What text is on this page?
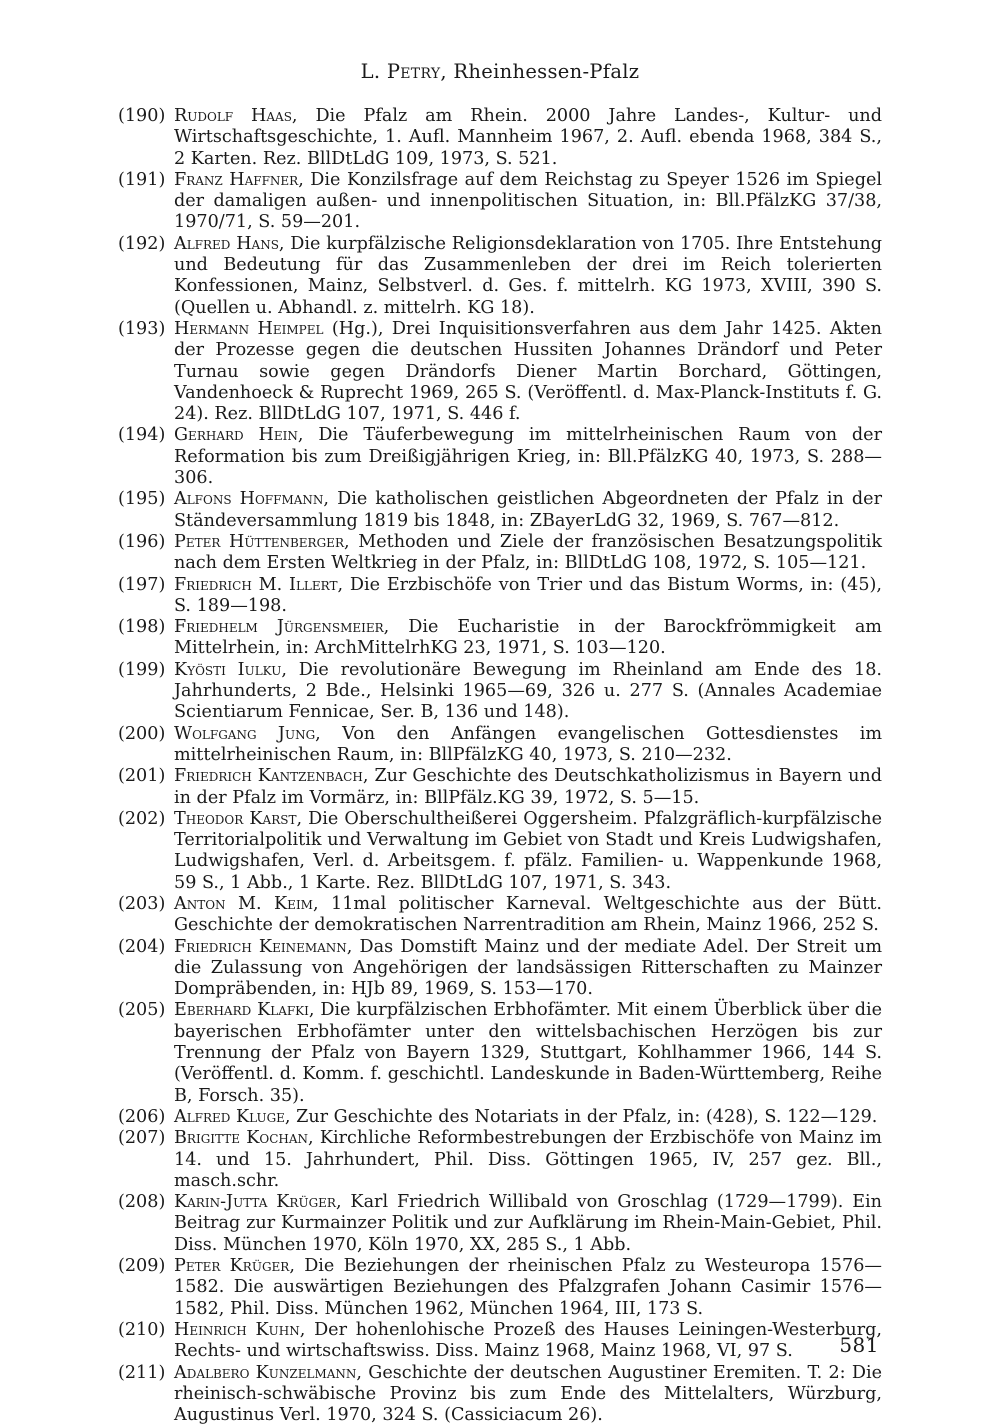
L. Petry, Rheinhessen-Pfalz
(190) Rudolf Haas, Die Pfalz am Rhein. 2000 Jahre Landes-, Kultur- und Wirtschaftsgeschichte, 1. Aufl. Mannheim 1967, 2. Aufl. ebenda 1968, 384 S., 2 Karten. Rez. BllDtLdG 109, 1973, S. 521.
(191) Franz Haffner, Die Konzilsfrage auf dem Reichstag zu Speyer 1526 im Spiegel der damaligen außen- und innenpolitischen Situation, in: Bll.PfälzKG 37/38, 1970/71, S. 59—201.
(192) Alfred Hans, Die kurpfälzische Religionsdeklaration von 1705. Ihre Entstehung und Bedeutung für das Zusammenleben der drei im Reich tolerierten Konfessionen, Mainz, Selbstverl. d. Ges. f. mittelrh. KG 1973, XVIII, 390 S. (Quellen u. Abhandl. z. mittelrh. KG 18).
(193) Hermann Heimpel (Hg.), Drei Inquisitionsverfahren aus dem Jahr 1425. Akten der Prozesse gegen die deutschen Hussiten Johannes Drändorf und Peter Turnau sowie gegen Drändorfs Diener Martin Borchard, Göttingen, Vandenhoeck & Ruprecht 1969, 265 S. (Veröffentl. d. Max-Planck-Instituts f. G. 24). Rez. BllDtLdG 107, 1971, S. 446 f.
(194) Gerhard Hein, Die Täuferbewegung im mittelrheinischen Raum von der Reformation bis zum Dreißigjährigen Krieg, in: Bll.PfälzKG 40, 1973, S. 288—306.
(195) Alfons Hoffmann, Die katholischen geistlichen Abgeordneten der Pfalz in der Ständeversammlung 1819 bis 1848, in: ZBayerLdG 32, 1969, S. 767—812.
(196) Peter Hüttenberger, Methoden und Ziele der französischen Besatzungspolitik nach dem Ersten Weltkrieg in der Pfalz, in: BllDtLdG 108, 1972, S. 105—121.
(197) Friedrich M. Illert, Die Erzbischöfe von Trier und das Bistum Worms, in: (45), S. 189—198.
(198) Friedhelm Jürgensmeier, Die Eucharistie in der Barockfrömmigkeit am Mittelrhein, in: ArchMittelrhKG 23, 1971, S. 103—120.
(199) Kyösti Iulku, Die revolutionäre Bewegung im Rheinland am Ende des 18. Jahrhunderts, 2 Bde., Helsinki 1965—69, 326 u. 277 S. (Annales Academiae Scientiarum Fennicae, Ser. B, 136 und 148).
(200) Wolfgang Jung, Von den Anfängen evangelischen Gottesdienstes im mittelrheinischen Raum, in: BllPfälzKG 40, 1973, S. 210—232.
(201) Friedrich Kantzenbach, Zur Geschichte des Deutschkatholizismus in Bayern und in der Pfalz im Vormärz, in: BllPfälz.KG 39, 1972, S. 5—15.
(202) Theodor Karst, Die Oberschultheißerei Oggersheim. Pfalzgräflich-kurpfälzische Territorialpolitik und Verwaltung im Gebiet von Stadt und Kreis Ludwigshafen, Ludwigshafen, Verl. d. Arbeitsgem. f. pfälz. Familien- u. Wappenkunde 1968, 59 S., 1 Abb., 1 Karte. Rez. BllDtLdG 107, 1971, S. 343.
(203) Anton M. Keim, 11mal politischer Karneval. Weltgeschichte aus der Bütt. Geschichte der demokratischen Narrentradition am Rhein, Mainz 1966, 252 S.
(204) Friedrich Keinemann, Das Domstift Mainz und der mediate Adel. Der Streit um die Zulassung von Angehörigen der landsässigen Ritterschaften zu Mainzer Dompräbenden, in: HJb 89, 1969, S. 153—170.
(205) Eberhard Klafki, Die kurpfälzischen Erbhofämter. Mit einem Überblick über die bayerischen Erbhofämter unter den wittelsbachischen Herzögen bis zur Trennung der Pfalz von Bayern 1329, Stuttgart, Kohlhammer 1966, 144 S. (Veröffentl. d. Komm. f. geschichtl. Landeskunde in Baden-Württemberg, Reihe B, Forsch. 35).
(206) Alfred Kluge, Zur Geschichte des Notariats in der Pfalz, in: (428), S. 122—129.
(207) Brigitte Kochan, Kirchliche Reformbestrebungen der Erzbischöfe von Mainz im 14. und 15. Jahrhundert, Phil. Diss. Göttingen 1965, IV, 257 gez. Bll., masch.schr.
(208) Karin-Jutta Krüger, Karl Friedrich Willibald von Groschlag (1729—1799). Ein Beitrag zur Kurmainzer Politik und zur Aufklärung im Rhein-Main-Gebiet, Phil. Diss. München 1970, Köln 1970, XX, 285 S., 1 Abb.
(209) Peter Krüger, Die Beziehungen der rheinischen Pfalz zu Westeuropa 1576—1582. Die auswärtigen Beziehungen des Pfalzgrafen Johann Casimir 1576—1582, Phil. Diss. München 1962, München 1964, III, 173 S.
(210) Heinrich Kuhn, Der hohenlohische Prozeß des Hauses Leiningen-Westerburg, Rechts- und wirtschaftswiss. Diss. Mainz 1968, Mainz 1968, VI, 97 S.
(211) Adalbero Kunzelmann, Geschichte der deutschen Augustiner Eremiten. T. 2: Die rheinisch-schwäbische Provinz bis zum Ende des Mittelalters, Würzburg, Augustinus Verl. 1970, 324 S. (Cassiciacum 26).
581
